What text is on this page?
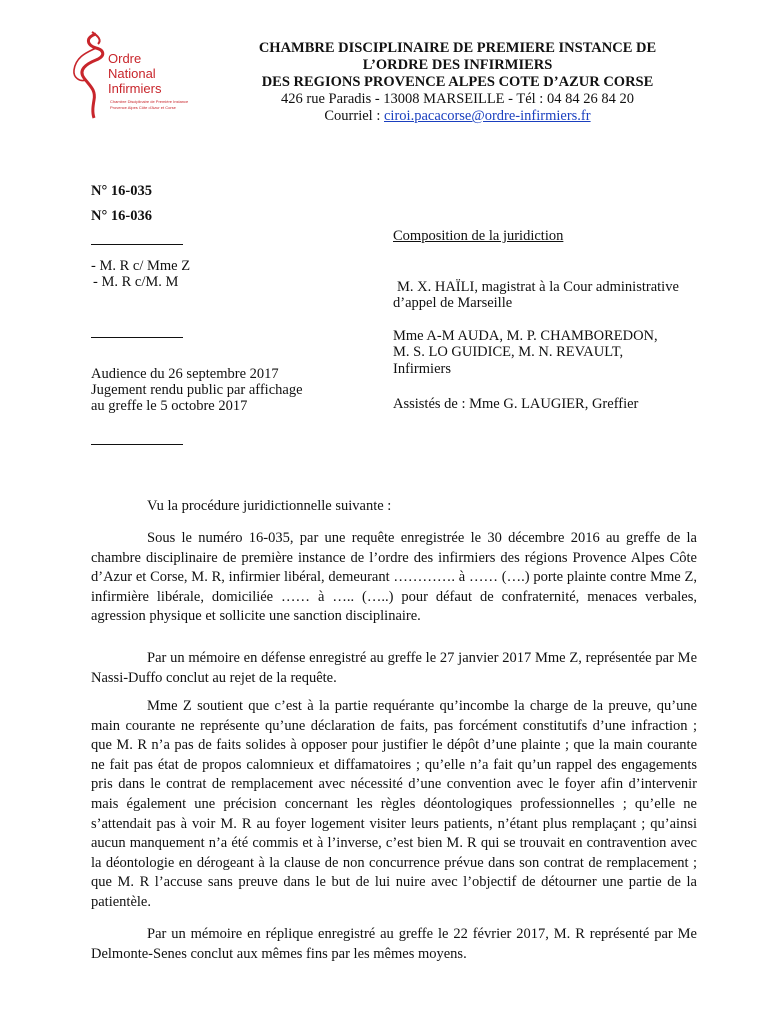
Ordre
National
Infirmiers
Chambre Disciplinaire de Première Instance
Provence Alpes Côte d'Azur et Corse
CHAMBRE DISCIPLINAIRE DE PREMIERE INSTANCE DE
L’ORDRE DES INFIRMIERS
DES REGIONS PROVENCE ALPES COTE D’AZUR CORSE
426 rue Paradis - 13008 MARSEILLE - Tél : 04 84 26 84 20
Courriel : ciroi.pacacorse@ordre-infirmiers.fr
N° 16-035
N° 16-036
- M. R c/ Mme Z
- M. R c/M. M
Audience du 26 septembre 2017
Jugement rendu public par affichage
au greffe le 5 octobre 2017
Composition de la juridiction
M. X. HAÏLI, magistrat à la Cour administrative
d’appel de Marseille
Mme A-M AUDA, M. P. CHAMBOREDON,
M. S. LO GUIDICE, M. N. REVAULT,
Infirmiers
Assistés de : Mme G. LAUGIER, Greffier
Vu la procédure juridictionnelle suivante :
Sous le numéro 16-035, par une requête enregistrée le 30 décembre 2016 au greffe de la chambre disciplinaire de première instance de l’ordre des infirmiers des régions Provence Alpes Côte d’Azur et Corse, M. R, infirmier libéral, demeurant …………. à …… (….) porte plainte contre Mme Z, infirmière libérale, domiciliée …… à ….. (…..) pour défaut de confraternité, menaces verbales, agression physique et sollicite une sanction disciplinaire.
Par un mémoire en défense enregistré au greffe le 27 janvier 2017 Mme Z, représentée par Me Nassi-Duffo conclut au rejet de la requête.
Mme Z soutient que c’est à la partie requérante qu’incombe la charge de la preuve, qu’une main courante ne représente qu’une déclaration de faits, pas forcément constitutifs d’une infraction ; que M. R n’a pas de faits solides à opposer pour justifier le dépôt d’une plainte ; que la main courante ne fait pas état de propos calomnieux et diffamatoires ; qu’elle n’a fait qu’un rappel des engagements pris dans le contrat de remplacement avec nécessité d’une convention avec le foyer afin d’intervenir mais également une précision concernant les règles déontologiques professionnelles ; qu’elle ne s’attendait pas à voir M. R au foyer logement visiter leurs patients, n’étant plus remplaçant ; qu’ainsi aucun manquement n’a été commis et à l’inverse, c’est bien M. R qui se trouvait en contravention avec la déontologie en dérogeant à la clause de non concurrence prévue dans son contrat de remplacement ; que M. R l’accuse sans preuve dans le but de lui nuire avec l’objectif de détourner une partie de la patientèle.
Par un mémoire en réplique enregistré au greffe le 22 février 2017, M. R représenté par Me Delmonte-Senes conclut aux mêmes fins par les mêmes moyens.
